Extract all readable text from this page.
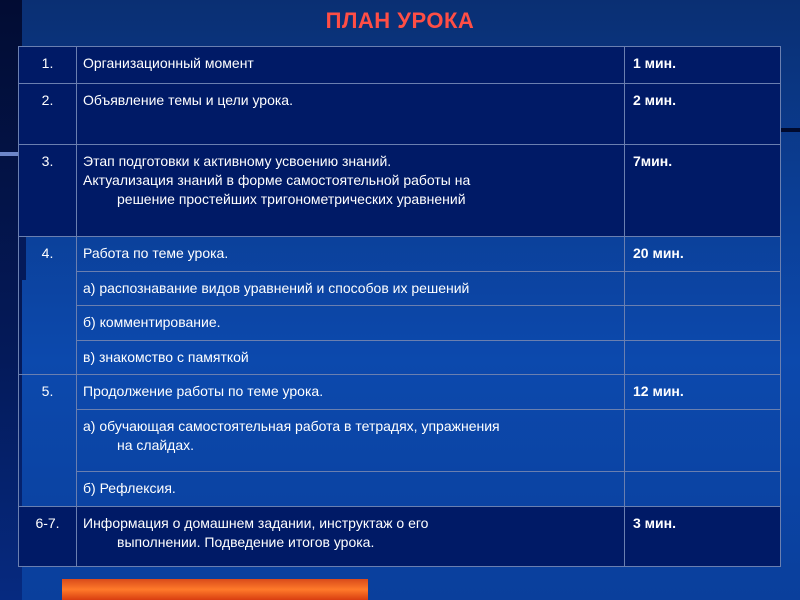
ПЛАН УРОКА
1.	Организационный момент	1 мин.
2.	Объявление темы и цели урока.	2 мин.
3.	Этап подготовки к активному усвоению знаний.
Актуализация знаний в форме самостоятельной работы на
решение простейших тригонометрических уравнений	7мин.
4.	Работа по теме урока.	20 мин.

	а) распознавание видов уравнений и способов их решений	

	б) комментирование.	

	в) знакомство с памяткой	

5.	Продолжение работы по теме урока.	12 мин.

	а) обучающая самостоятельная работа в тетрадях, упражнения
на слайдах.	

	б) Рефлексия.	

6-7.	Информация о домашнем задании, инструктаж о его
выполнении. Подведение итогов урока.	3 мин.
